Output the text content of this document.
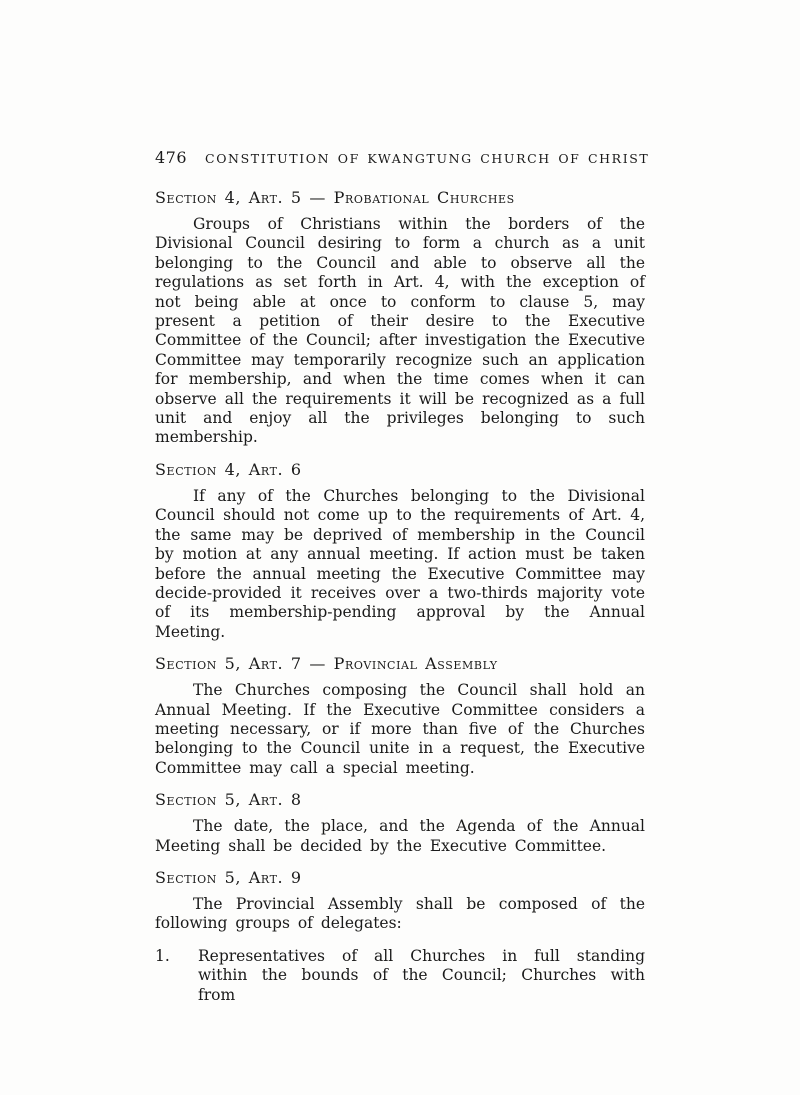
476 CONSTITUTION OF KWANGTUNG CHURCH OF CHRIST
Section 4, Art. 5 — Probational Churches

Groups of Christians within the borders of the Divisional Council desiring to form a church as a unit belonging to the Council and able to observe all the regulations as set forth in Art. 4, with the exception of not being able at once to conform to clause 5, may present a petition of their desire to the Executive Committee of the Council; after investigation the Executive Committee may temporarily recognize such an application for membership, and when the time comes when it can observe all the requirements it will be recognized as a full unit and enjoy all the privileges belonging to such membership.

Section 4, Art. 6

If any of the Churches belonging to the Divisional Council should not come up to the requirements of Art. 4, the same may be deprived of membership in the Council by motion at any annual meeting. If action must be taken before the annual meeting the Executive Committee may decide-provided it receives over a two-thirds majority vote of its membership-pending approval by the Annual Meeting.

Section 5, Art. 7 — Provincial Assembly

The Churches composing the Council shall hold an Annual Meeting. If the Executive Committee considers a meeting necessary, or if more than five of the Churches belonging to the Council unite in a request, the Executive Committee may call a special meeting.

Section 5, Art. 8

The date, the place, and the Agenda of the Annual Meeting shall be decided by the Executive Committee.

Section 5, Art. 9

The Provincial Assembly shall be composed of the following groups of delegates:

1.	Representatives of all Churches in full standing within the bounds of the Council; Churches with from
